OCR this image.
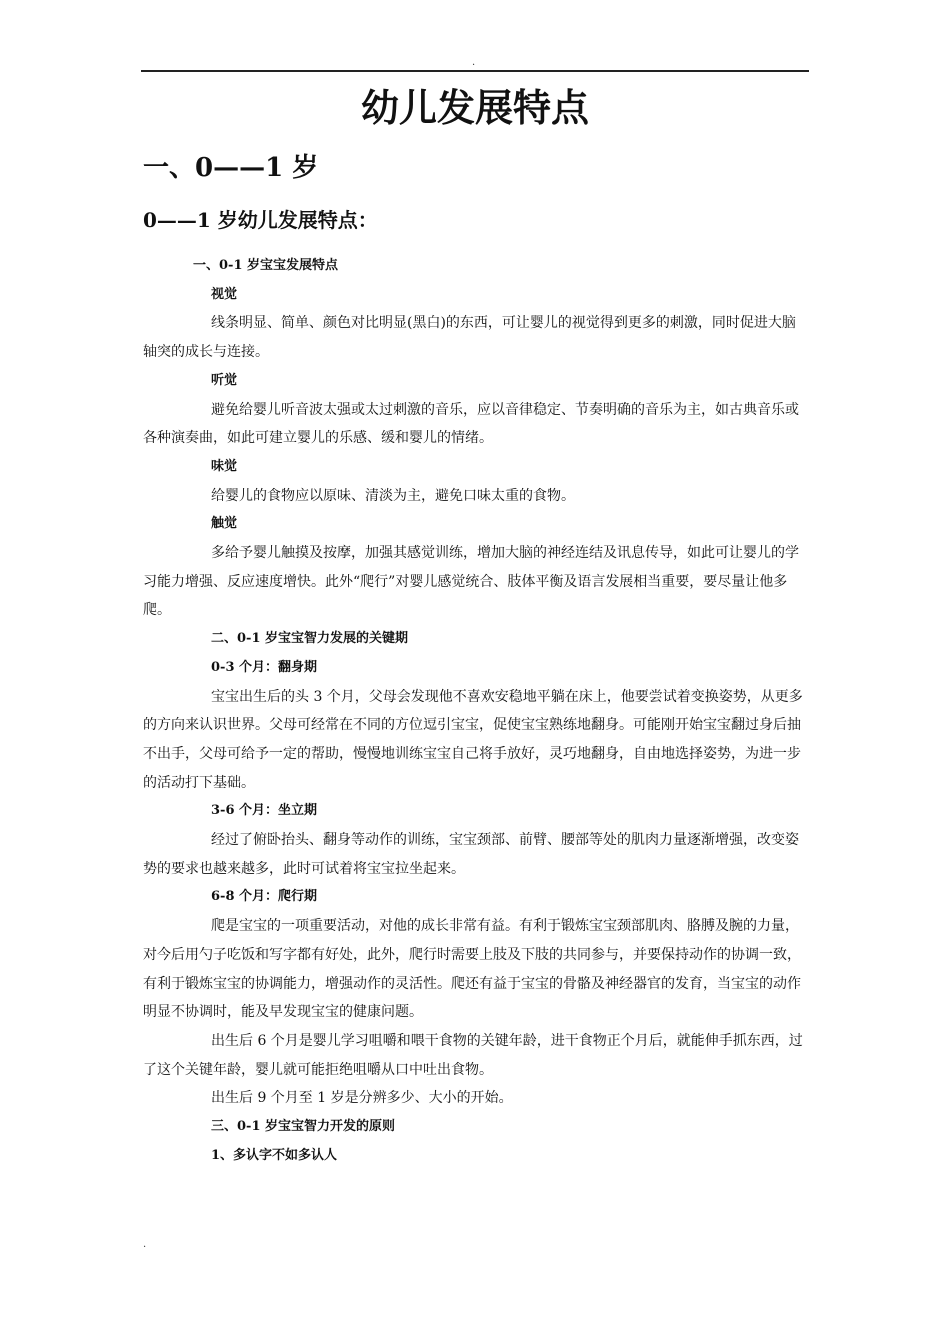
.
幼儿发展特点
一、0——1 岁
0——1 岁幼儿发展特点：

一、0-1 岁宝宝发展特点

视觉

线条明显、简单、颜色对比明显(黑白)的东西，可让婴儿的视觉得到更多的刺激，同时促进大脑轴突的成长与连接。

听觉

避免给婴儿听音波太强或太过刺激的音乐，应以音律稳定、节奏明确的音乐为主，如古典音乐或各种演奏曲，如此可建立婴儿的乐感、缓和婴儿的情绪。

味觉

给婴儿的食物应以原味、清淡为主，避免口味太重的食物。

触觉

多给予婴儿触摸及按摩，加强其感觉训练，增加大脑的神经连结及讯息传导，如此可让婴儿的学习能力增强、反应速度增快。此外“爬行”对婴儿感觉统合、肢体平衡及语言发展相当重要，要尽量让他多爬。

二、0-1 岁宝宝智力发展的关键期

0-3 个月：翻身期

宝宝出生后的头 3 个月，父母会发现他不喜欢安稳地平躺在床上，他要尝试着变换姿势，从更多的方向来认识世界。父母可经常在不同的方位逗引宝宝，促使宝宝熟练地翻身。可能刚开始宝宝翻过身后抽不出手，父母可给予一定的帮助，慢慢地训练宝宝自己将手放好，灵巧地翻身，自由地选择姿势，为进一步的活动打下基础。

3-6 个月：坐立期

经过了俯卧抬头、翻身等动作的训练，宝宝颈部、前臂、腰部等处的肌肉力量逐渐增强，改变姿势的要求也越来越多，此时可试着将宝宝拉坐起来。

6-8 个月：爬行期

爬是宝宝的一项重要活动，对他的成长非常有益。有利于锻炼宝宝颈部肌肉、胳膊及腕的力量，对今后用勺子吃饭和写字都有好处，此外，爬行时需要上肢及下肢的共同参与，并要保持动作的协调一致，有利于锻炼宝宝的协调能力，增强动作的灵活性。爬还有益于宝宝的骨骼及神经器官的发育，当宝宝的动作明显不协调时，能及早发现宝宝的健康问题。

出生后 6 个月是婴儿学习咀嚼和喂干食物的关键年龄，进干食物正个月后，就能伸手抓东西，过了这个关键年龄，婴儿就可能拒绝咀嚼从口中吐出食物。

出生后 9 个月至 1 岁是分辨多少、大小的开始。

三、0-1 岁宝宝智力开发的原则

1、多认字不如多认人

.
